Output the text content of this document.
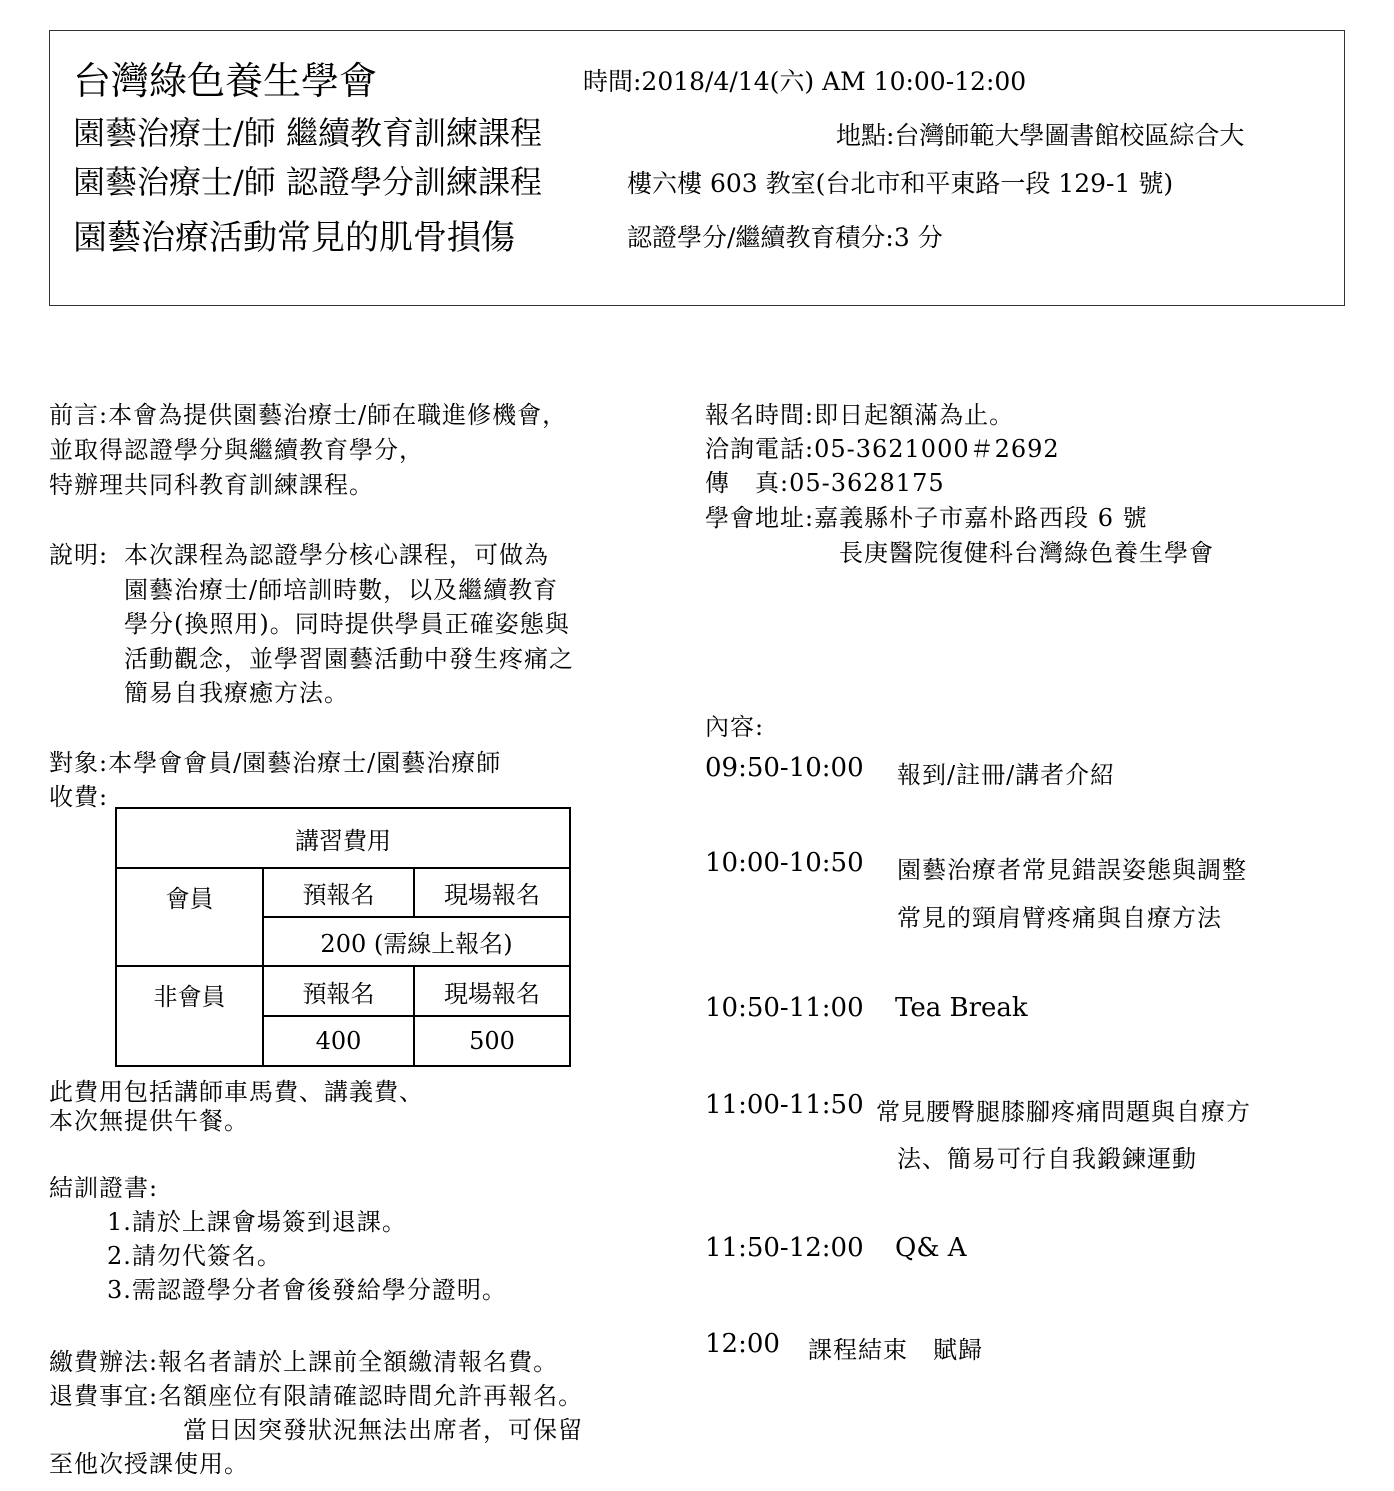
台灣綠色養生學會	時間:2018/4/14(六) AM 10:00-12:00
園藝治療士/師 繼續教育訓練課程	地點:台灣師範大學圖書館校區綜合大
園藝治療士/師 認證學分訓練課程	樓六樓 603 教室(台北市和平東路一段 129-1 號)
園藝治療活動常見的肌骨損傷	認證學分/繼續教育積分:3 分
前言:本會為提供園藝治療士/師在職進修機會，
並取得認證學分與繼續教育學分，
特辦理共同科教育訓練課程。
說明: 本次課程為認證學分核心課程，可做為
園藝治療士/師培訓時數，以及繼續教育
學分(換照用)。同時提供學員正確姿態與
活動觀念，並學習園藝活動中發生疼痛之
簡易自我療癒方法。
對象:本學會會員/園藝治療士/園藝治療師
收費:
講習費用		
會員	預報名	現場報名
	200 (需線上報名)	
非會員	預報名	現場報名
	400	500
此費用包括講師車馬費、講義費、
本次無提供午餐。
結訓證書:
1.請於上課會場簽到退課。
2.請勿代簽名。
3.需認證學分者會後發給學分證明。
繳費辦法:報名者請於上課前全額繳清報名費。
退費事宜:名額座位有限請確認時間允許再報名。
當日因突發狀況無法出席者，可保留
至他次授課使用。
報名時間:即日起額滿為止。
洽詢電話:05-3621000＃2692
傳　真:05-3628175
學會地址:嘉義縣朴子市嘉朴路西段 6 號
長庚醫院復健科台灣綠色養生學會
內容:
09:50-10:00 報到/註冊/講者介紹
10:00-10:50 園藝治療者常見錯誤姿態與調整
常見的頸肩臂疼痛與自療方法
10:50-11:00 Tea Break
11:00-11:50 常見腰臀腿膝腳疼痛問題與自療方
法、簡易可行自我鍛鍊運動
11:50-12:00 Q& A
12:00 課程結束　賦歸
